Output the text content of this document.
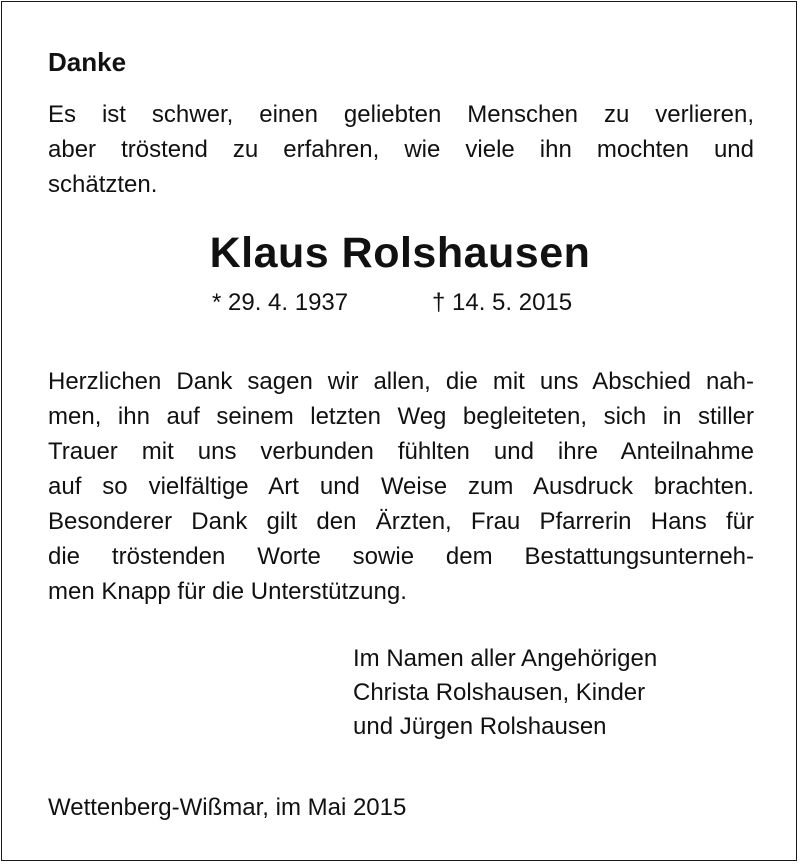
Danke

Es ist schwer, einen geliebten Menschen zu verlieren,
aber tröstend zu erfahren, wie viele ihn mochten und
schätzten.

Klaus Rolshausen
* 29. 4. 1937	† 14. 5. 2015

Herzlichen Dank sagen wir allen, die mit uns Abschied nah-
men, ihn auf seinem letzten Weg begleiteten, sich in stiller
Trauer mit uns verbunden fühlten und ihre Anteilnahme
auf so vielfältige Art und Weise zum Ausdruck brachten.
Besonderer Dank gilt den Ärzten, Frau Pfarrerin Hans für
die tröstenden Worte sowie dem Bestattungsunterneh-
men Knapp für die Unterstützung.

Im Namen aller Angehörigen
Christa Rolshausen, Kinder
und Jürgen Rolshausen

Wettenberg-Wißmar, im Mai 2015
